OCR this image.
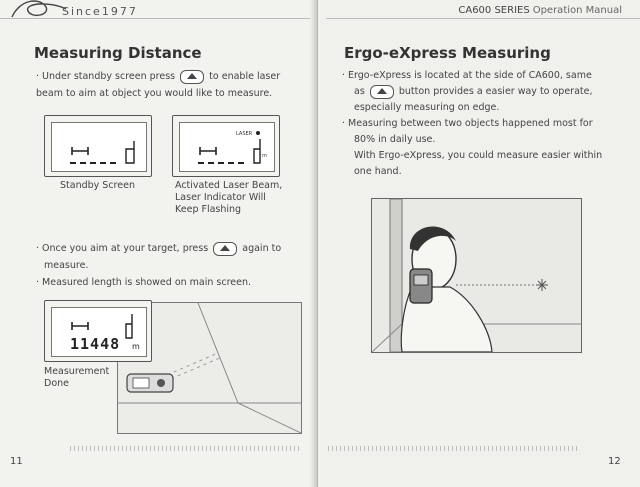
Since1977
Measuring Distance
· Under standby screen press	to enable laser
beam to aim at object you would like to measure.
Standby Screen
LASER
m
Activated Laser Beam,
Laser Indicator Will
Keep Flashing
· Once you aim at your target, press	again to
measure.
· Measured length is showed on main screen.
11448 m
Measurement
Done
11
CA600 SERIES Operation Manual
Ergo-eXpress Measuring
· Ergo-eXpress is located at the side of CA600, same
as	button provides a easier way to operate,
especially measuring on edge.
· Measuring between two objects happened most for
80% in daily use.
With Ergo-eXpress, you could measure easier within
one hand.
12
